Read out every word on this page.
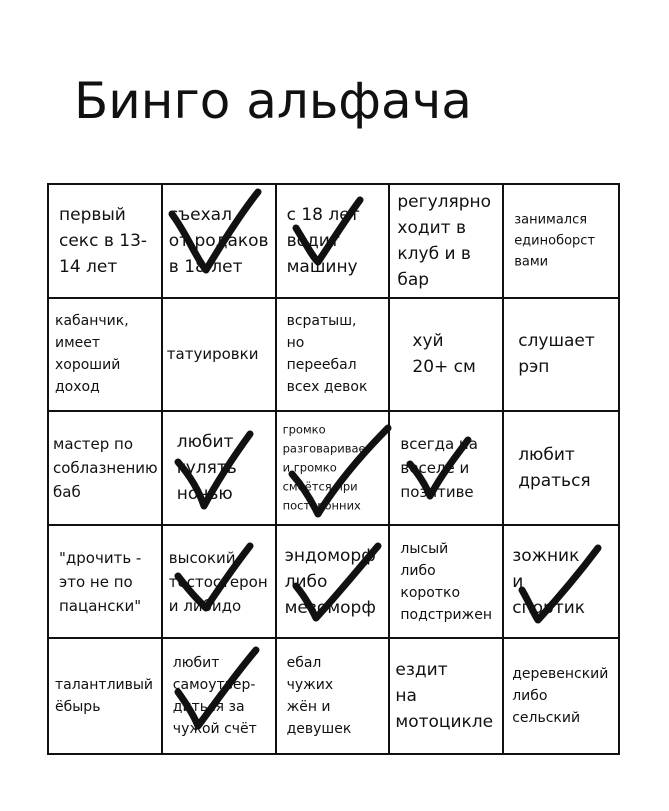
Бинго альфача
первый
секс в 13-
14 лет
съехал
от родаков
в 18 лет
с 18 лет
водит
машину
регулярно
ходит в
клуб и в
бар
занимался
единоборст
вами
кабанчик,
имеет
хороший
доход
татуировки
всратыш,
но
переебал
всех девок
хуй
20+ см
слушает
рэп
мастер по
соблазнению
баб
любит
гулять
ночью
громко
разговаривает
и громко
смеётся при
посторонних
всегда на
веселе и
позитиве
любит
драться
"дрочить -
это не по
пацански"
высокий
тестостерон
и либидо
эндоморф
либо
мезоморф
лысый
либо
коротко
подстрижен
зожник
и
спортик
талантливый
ёбырь
любит
самоутвер-
диться за
чужой счёт
ебал
чужих
жён и
девушек
ездит
на
мотоцикле
деревенский
либо
сельский
